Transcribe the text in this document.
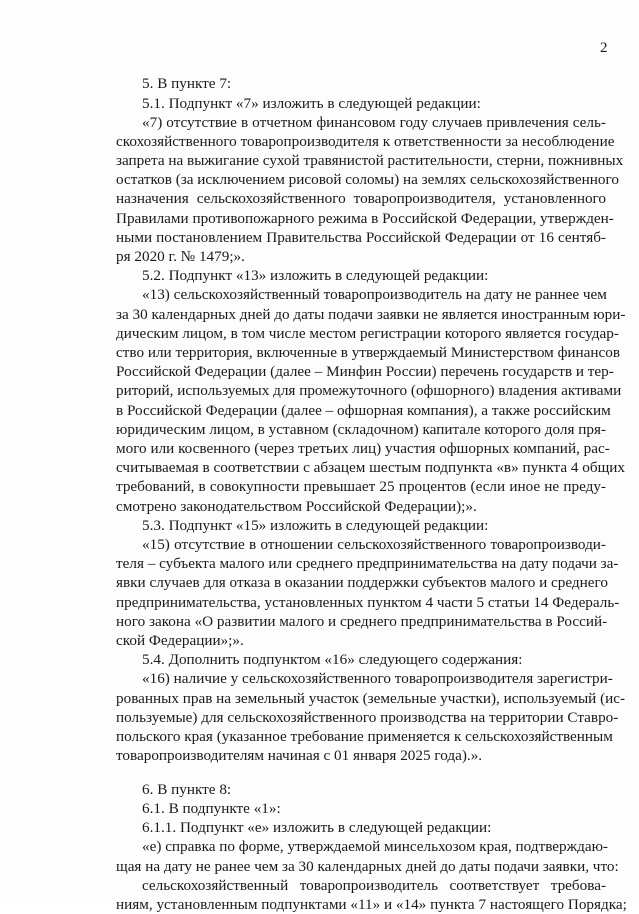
2
5. В пункте 7:
5.1. Подпункт «7» изложить в следующей редакции:
«7) отсутствие в отчетном финансовом году случаев привлечения сель-
скохозяйственного товаропроизводителя к ответственности за несоблюдение
запрета на выжигание сухой травянистой растительности, стерни, пожнивных
остатков (за исключением рисовой соломы) на землях сельскохозяйственного
назначения сельскохозяйственного товаропроизводителя, установленного
Правилами противопожарного режима в Российской Федерации, утвержден-
ными постановлением Правительства Российской Федерации от 16 сентяб-
ря 2020 г. № 1479;».
5.2. Подпункт «13» изложить в следующей редакции:
«13) сельскохозяйственный товаропроизводитель на дату не раннее чем
за 30 календарных дней до даты подачи заявки не является иностранным юри-
дическим лицом, в том числе местом регистрации которого является государ-
ство или территория, включенные в утверждаемый Министерством финансов
Российской Федерации (далее – Минфин России) перечень государств и тер-
риторий, используемых для промежуточного (офшорного) владения активами
в Российской Федерации (далее – офшорная компания), а также российским
юридическим лицом, в уставном (складочном) капитале которого доля пря-
мого или косвенного (через третьих лиц) участия офшорных компаний, рас-
считываемая в соответствии с абзацем шестым подпункта «в» пункта 4 общих
требований, в совокупности превышает 25 процентов (если иное не преду-
смотрено законодательством Российской Федерации);».
5.3. Подпункт «15» изложить в следующей редакции:
«15) отсутствие в отношении сельскохозяйственного товаропроизводи-
теля – субъекта малого или среднего предпринимательства на дату подачи за-
явки случаев для отказа в оказании поддержки субъектов малого и среднего
предпринимательства, установленных пунктом 4 части 5 статьи 14 Федераль-
ного закона «О развитии малого и среднего предпринимательства в Россий-
ской Федерации»;».
5.4. Дополнить подпунктом «16» следующего содержания:
«16) наличие у сельскохозяйственного товаропроизводителя зарегистри-
рованных прав на земельный участок (земельные участки), используемый (ис-
пользуемые) для сельскохозяйственного производства на территории Ставро-
польского края (указанное требование применяется к сельскохозяйственным
товаропроизводителям начиная с 01 января 2025 года).».
6. В пункте 8:
6.1. В подпункте «1»:
6.1.1. Подпункт «е» изложить в следующей редакции:
«е) справка по форме, утверждаемой минсельхозом края, подтверждаю-
щая на дату не ранее чем за 30 календарных дней до даты подачи заявки, что:
сельскохозяйственный товаропроизводитель соответствует требова-
ниям, установленным подпунктами «11» и «14» пункта 7 настоящего Порядка;
